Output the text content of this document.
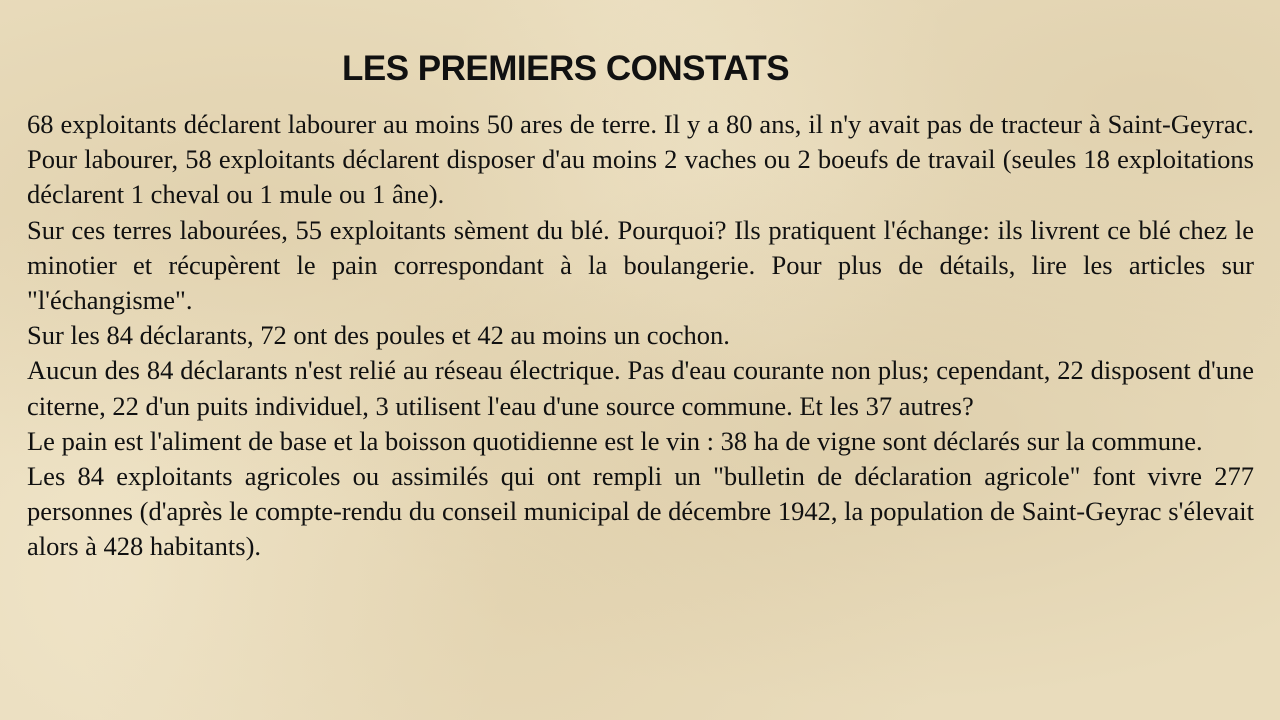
LES PREMIERS CONSTATS

68 exploitants déclarent labourer au moins 50 ares de terre. Il y a 80 ans, il n'y avait pas de tracteur à Saint-Geyrac. Pour labourer, 58 exploitants déclarent disposer d'au moins 2 vaches ou 2 boeufs de travail (seules 18 exploitations déclarent 1 cheval ou 1 mule ou 1 âne).

Sur ces terres labourées, 55 exploitants sèment du blé. Pourquoi? Ils pratiquent l'échange: ils livrent ce blé chez le minotier et récupèrent le pain correspondant à la boulangerie. Pour plus de détails, lire les articles sur "l'échangisme".

Sur les 84 déclarants, 72 ont des poules et 42 au moins un cochon.

Aucun des 84 déclarants n'est relié au réseau électrique. Pas d'eau courante non plus; cependant, 22 disposent d'une citerne, 22 d'un puits individuel, 3 utilisent l'eau d'une source commune. Et les 37 autres?

Le pain est l'aliment de base et la boisson quotidienne est le vin : 38 ha de vigne sont déclarés sur la commune.

Les 84 exploitants agricoles ou assimilés qui ont rempli un "bulletin de déclaration agricole" font vivre 277 personnes (d'après le compte-rendu du conseil municipal de décembre 1942, la population de Saint-Geyrac s'élevait alors à 428 habitants).
